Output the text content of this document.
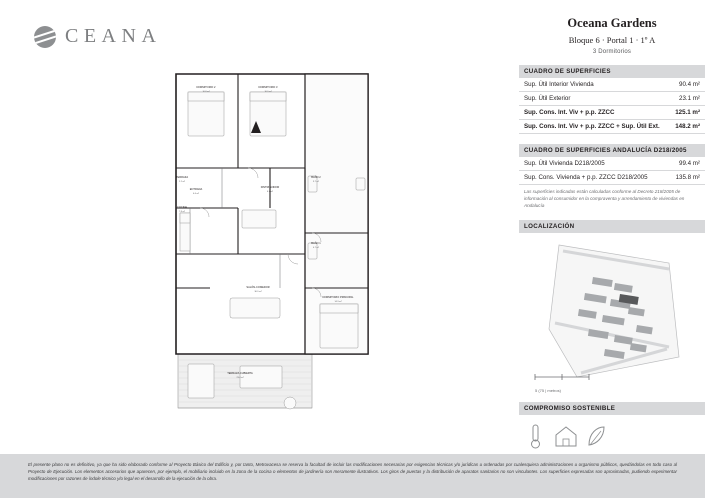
CEANA
DORMITORIO 2
10.8 m²
DORMITORIO 3
10.9 m²
ENTRADA
4.6 m²
DISTRIBUIDOR
6.7 m²
BAÑO 2
3.7 m²
BAÑO 1
4.7 m²
COCINA
7.8 m²
TERRAZA
2.2 m²
SALÓN-COMEDOR
30.9 m²
DORMITORIO PRINCIPAL
14.3 m²
TERRAZA CUBIERTA
23.4 m²
Oceana Gardens
Bloque 6 · Portal 1 · 1º A
3 Dormitorios
CUADRO DE SUPERFICIES
Sup. Útil Interior Vivienda	90.4 m²
Sup. Útil Exterior	23.1 m²
Sup. Cons. Int. Viv + p.p. ZZCC	125.1 m²
Sup. Cons. Int. Viv + p.p. ZZCC + Sup. Útil Ext.	148.2 m²
CUADRO DE SUPERFICIES ANDALUCÍA D218/2005
Sup. Útil Vivienda D218/2005	99.4 m²
Sup. Cons. Vivienda + p.p. ZZCC D218/2005	135.8 m²
Las superficies indicadas están calculadas conforme al Decreto 218/2005 de información al consumidor en la compraventa y arrendamiento de viviendas en Andalucía
LOCALIZACIÓN
5 (75 | metros)
COMPROMISO SOSTENIBLE
El presente plano no es definitivo, ya que ha sido elaborado conforme al Proyecto Básico del Edificio y, por tanto, Metrovacesa se reserva la facultad de incluir las modificaciones necesarias por exigencias técnicas y/o jurídicas u ordenadas por cualesquiera administraciones u organismo públicos, quedándolas en todo caso al Proyecto de Ejecución. Los elementos accesorios que aparecen, por ejemplo, el mobiliario incluido en la zona de la cocina o elementos de jardinería son meramente ilustrativos. Los giros de puertas y la distribución de aparatos sanitarios no son vinculantes. Los superficies expresadas son aproximadas, pudiendo experimentar modificaciones por razones de índole técnico y/o legal en el desarrollo de la ejecución de la obra.
